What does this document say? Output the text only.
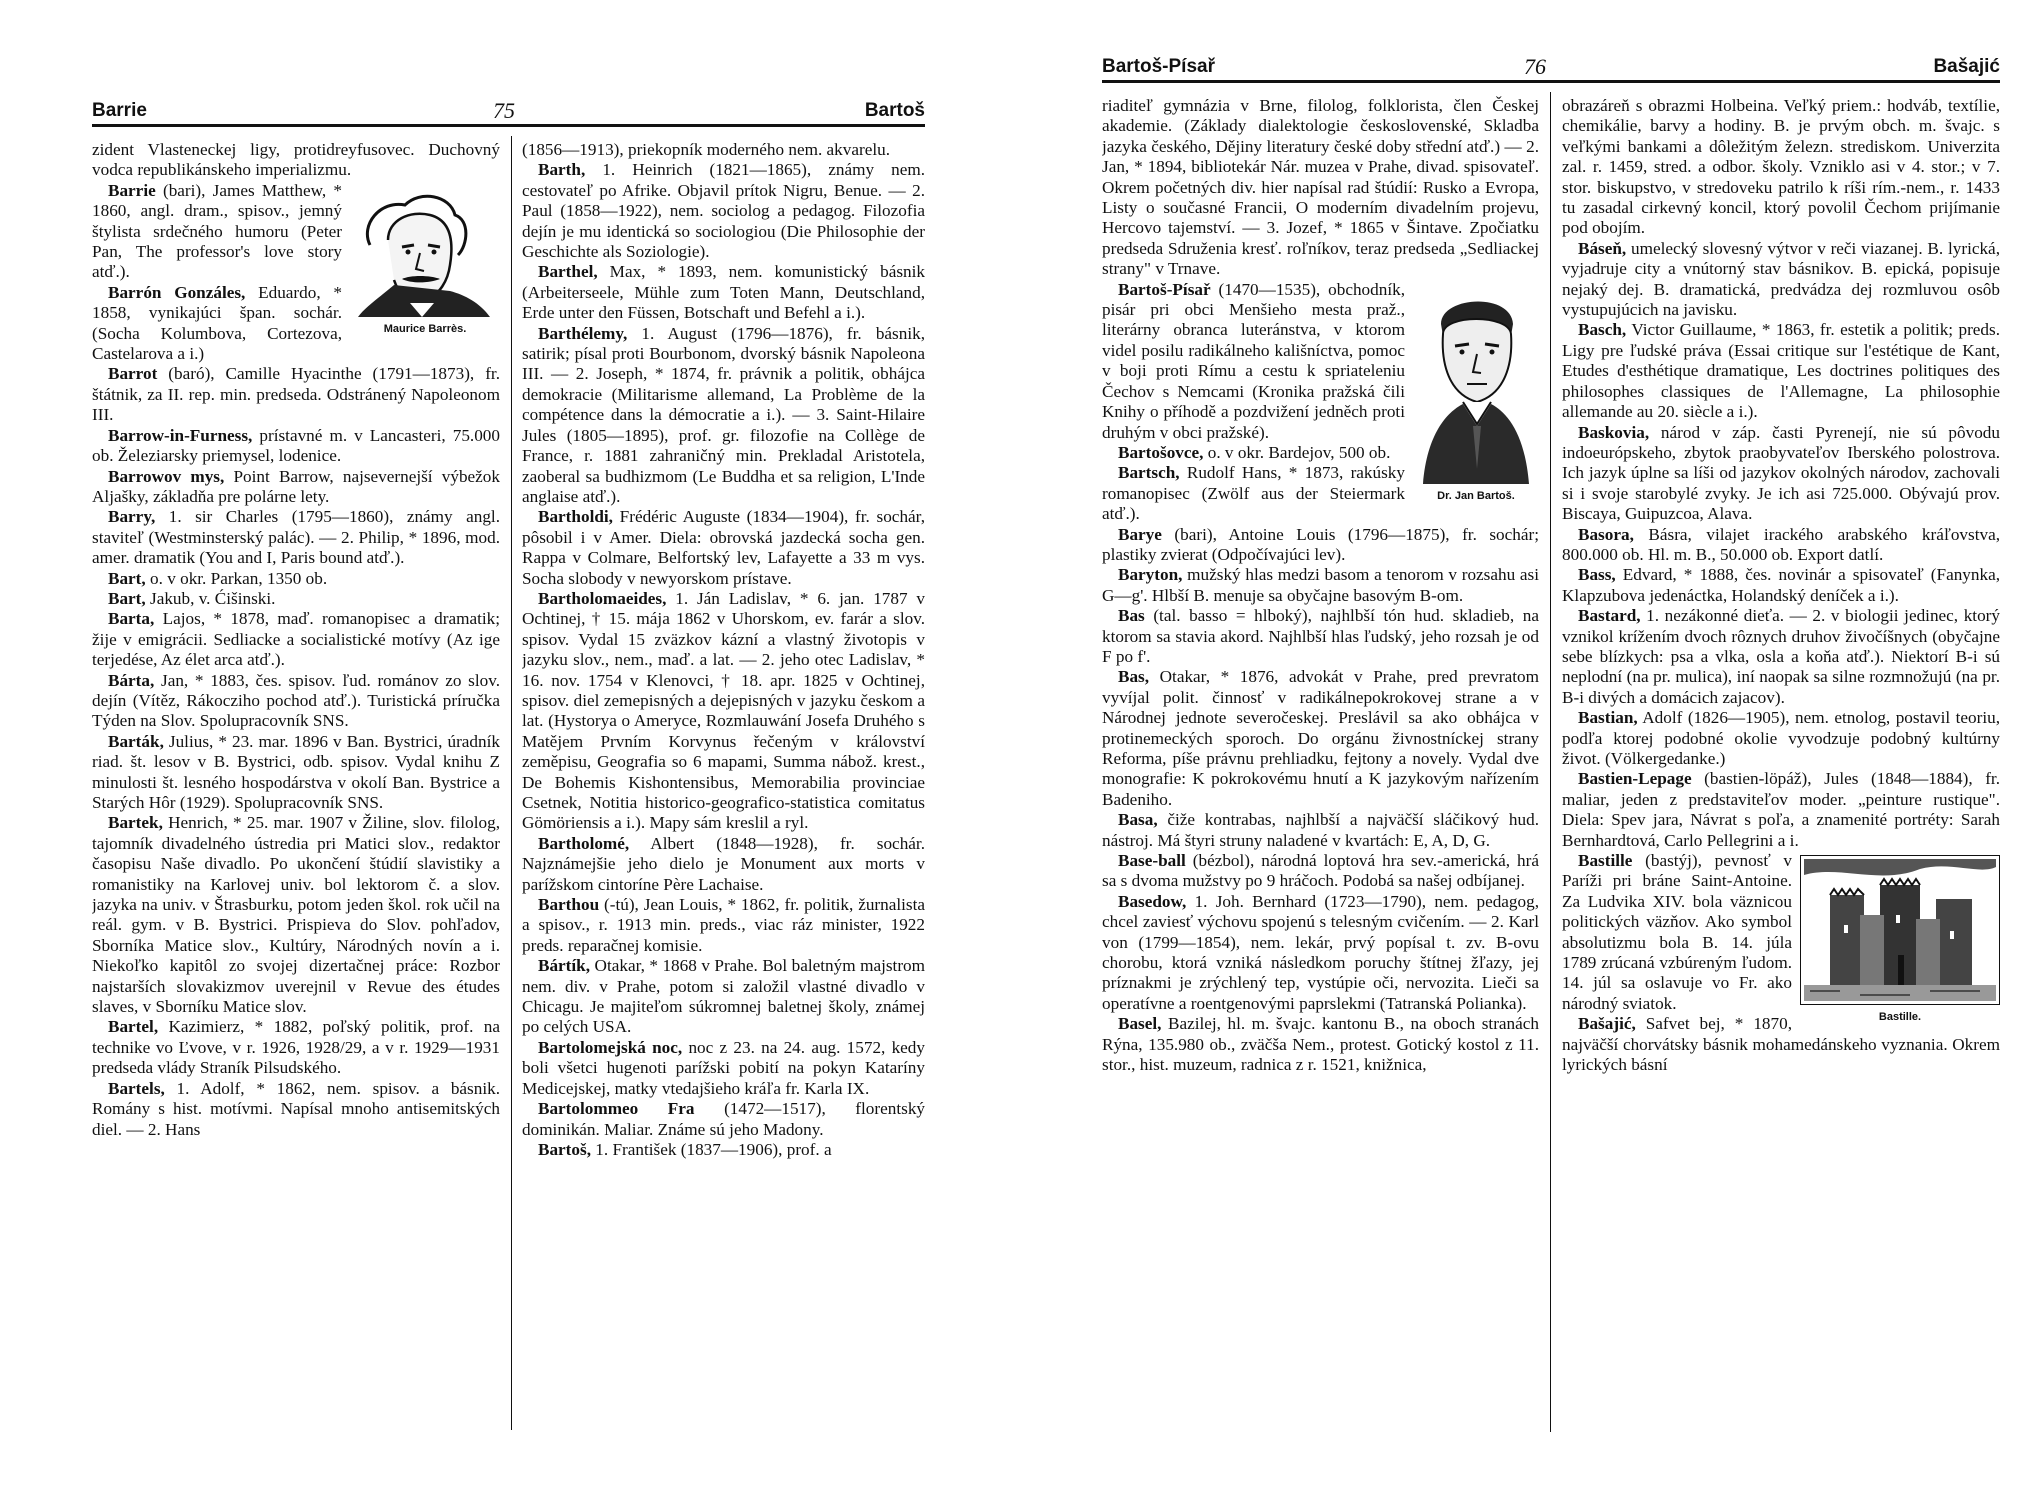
Barrie	75	Bartoš

zident Vlasteneckej ligy, protidreyfusovec. Duchovný vodca republikánskeho imperializmu.

Maurice Barrès.

Barrie (bari), James Matthew, * 1860, angl. dram., spisov., jemný štylista srdečného humoru (Peter Pan, The professor's love story atď.).

Barrón Gonzáles, Eduardo, * 1858, vynikajúci špan. sochár. (Socha Kolumbova, Cortezova, Castelarova a i.)

Barrot (baró), Camille Hyacinthe (1791—1873), fr. štátnik, za II. rep. min. predseda. Odstránený Napoleonom III.

Barrow-in-Furness, prístavné m. v Lancasteri, 75.000 ob. Železiarsky priemysel, lodenice.

Barrowov mys, Point Barrow, najsevernejší výbežok Aljašky, základňa pre polárne lety.

Barry, 1. sir Charles (1795—1860), známy angl. staviteľ (Westminsterský palác). — 2. Philip, * 1896, mod. amer. dramatik (You and I, Paris bound atď.).

Bart, o. v okr. Parkan, 1350 ob.

Bart, Jakub, v. Ćišinski.

Barta, Lajos, * 1878, maď. romanopisec a dramatik; žije v emigrácii. Sedliacke a socialistické motívy (Az ige terjedése, Az élet arca atď.).

Bárta, Jan, * 1883, čes. spisov. ľud. románov zo slov. dejín (Vítěz, Rákocziho pochod atď.). Turistická príručka Týden na Slov. Spolupracovník SNS.

Barták, Julius, * 23. mar. 1896 v Ban. Bystrici, úradník riad. št. lesov v B. Bystrici, odb. spisov. Vydal knihu Z minulosti št. lesného hospodárstva v okolí Ban. Bystrice a Starých Hôr (1929). Spolupracovník SNS.

Bartek, Henrich, * 25. mar. 1907 v Žiline, slov. filolog, tajomník divadelného ústredia pri Matici slov., redaktor časopisu Naše divadlo. Po ukončení štúdií slavistiky a romanistiky na Karlovej univ. bol lektorom č. a slov. jazyka na univ. v Štrasburku, potom jeden škol. rok učil na reál. gym. v B. Bystrici. Prispieva do Slov. pohľadov, Sborníka Matice slov., Kultúry, Národných novín a i. Niekoľko kapitôl zo svojej dizertačnej práce: Rozbor najstarších slovakizmov uverejnil v Revue des études slaves, v Sborníku Matice slov.

Bartel, Kazimierz, * 1882, poľský politik, prof. na technike vo Ľvove, v r. 1926, 1928/29, a v r. 1929—1931 predseda vlády Straník Pilsudského.

Bartels, 1. Adolf, * 1862, nem. spisov. a básnik. Romány s hist. motívmi. Napísal mnoho antisemitských diel. — 2. Hans

(1856—1913), priekopník moderného nem. akvarelu.

Barth, 1. Heinrich (1821—1865), známy nem. cestovateľ po Afrike. Objavil prítok Nigru, Benue. — 2. Paul (1858—1922), nem. sociolog a pedagog. Filozofia dejín je mu identická so sociologiou (Die Philosophie der Geschichte als Soziologie).

Barthel, Max, * 1893, nem. komunistický básnik (Arbeiterseele, Mühle zum Toten Mann, Deutschland, Erde unter den Füssen, Botschaft und Befehl a i.).

Barthélemy, 1. August (1796—1876), fr. básnik, satirik; písal proti Bourbonom, dvorský básnik Napoleona III. — 2. Joseph, * 1874, fr. právnik a politik, obhájca demokracie (Militarisme allemand, La Problème de la compétence dans la démocratie a i.). — 3. Saint-Hilaire Jules (1805—1895), prof. gr. filozofie na Collège de France, r. 1881 zahraničný min. Prekladal Aristotela, zaoberal sa budhizmom (Le Buddha et sa religion, L'Inde anglaise atď.).

Bartholdi, Frédéric Auguste (1834—1904), fr. sochár, pôsobil i v Amer. Diela: obrovská jazdecká socha gen. Rappa v Colmare, Belfortský lev, Lafayette a 33 m vys. Socha slobody v newyorskom prístave.

Bartholomaeides, 1. Ján Ladislav, * 6. jan. 1787 v Ochtinej, † 15. mája 1862 v Uhorskom, ev. farár a slov. spisov. Vydal 15 zväzkov kázní a vlastný životopis v jazyku slov., nem., maď. a lat. — 2. jeho otec Ladislav, * 16. nov. 1754 v Klenovci, † 18. apr. 1825 v Ochtinej, spisov. diel zemepisných a dejepisných v jazyku českom a lat. (Hystorya o Ameryce, Rozmlauwání Josefa Druhého s Matějem Prvním Korvynus řečeným v království zeměpisu, Geografia so 6 mapami, Summa nábož. krest., De Bohemis Kishontensibus, Memorabilia provinciae Csetnek, Notitia historico-geografico-statistica comitatus Gömöriensis a i.). Mapy sám kreslil a ryl.

Bartholomé, Albert (1848—1928), fr. sochár. Najznámejšie jeho dielo je Monument aux morts v parížskom cintoríne Père Lachaise.

Barthou (-tú), Jean Louis, * 1862, fr. politik, žurnalista a spisov., r. 1913 min. preds., viac ráz minister, 1922 preds. reparačnej komisie.

Bártík, Otakar, * 1868 v Prahe. Bol baletným majstrom nem. div. v Prahe, potom si založil vlastné divadlo v Chicagu. Je majiteľom súkromnej baletnej školy, známej po celých USA.

Bartolomejská noc, noc z 23. na 24. aug. 1572, kedy boli všetci hugenoti parížski pobití na pokyn Kataríny Medicejskej, matky vtedajšieho kráľa fr. Karla IX.

Bartolommeo Fra (1472—1517), florentský dominikán. Maliar. Známe sú jeho Madony.

Bartoš, 1. František (1837—1906), prof. a

Bartoš-Písař	76	Bašajić

riaditeľ gymnázia v Brne, filolog, folklorista, člen Českej akademie. (Základy dialektologie československé, Skladba jazyka českého, Dějiny literatury české doby střední atď.) — 2. Jan, * 1894, bibliotekár Nár. muzea v Prahe, divad. spisovateľ. Okrem početných div. hier napísal rad štúdií: Rusko a Evropa, Listy o současné Francii, O moderním divadelním projevu, Hercovo tajemství. — 3. Jozef, * 1865 v Šintave. Zpočiatku predseda Sdruženia kresť. roľníkov, teraz predseda „Sedliackej strany" v Trnave.

Dr. Jan Bartoš.

Bartoš-Písař (1470—1535), obchodník, pisár pri obci Menšieho mesta praž., literárny obranca luteránstva, v ktorom videl posilu radikálneho kališníctva, pomoc v boji proti Rímu a cestu k spriateleniu Čechov s Nemcami (Kronika pražská čili Knihy o příhodě a pozdvižení jedněch proti druhým v obci pražské).

Bartošovce, o. v okr. Bardejov, 500 ob.

Bartsch, Rudolf Hans, * 1873, rakúsky romanopisec (Zwölf aus der Steiermark atď.).

Barye (bari), Antoine Louis (1796—1875), fr. sochár; plastiky zvierat (Odpočívajúci lev).

Baryton, mužský hlas medzi basom a tenorom v rozsahu asi G—g'. Hlbší B. menuje sa obyčajne basovým B-om.

Bas (tal. basso = hlboký), najhlbší tón hud. skladieb, na ktorom sa stavia akord. Najhlbší hlas ľudský, jeho rozsah je od F po f'.

Bas, Otakar, * 1876, advokát v Prahe, pred prevratom vyvíjal polit. činnosť v radikálnepokrokovej strane a v Národnej jednote severočeskej. Preslávil sa ako obhájca v protinemeckých sporoch. Do orgánu živnostníckej strany Reforma, píše právnu prehliadku, fejtony a novely. Vydal dve monografie: K pokrokovému hnutí a K jazykovým nařízením Badeniho.

Basa, čiže kontrabas, najhlbší a najväčší sláčikový hud. nástroj. Má štyri struny naladené v kvartách: E, A, D, G.

Base-ball (bézbol), národná loptová hra sev.-americká, hrá sa s dvoma mužstvy po 9 hráčoch. Podobá sa našej odbíjanej.

Basedow, 1. Joh. Bernhard (1723—1790), nem. pedagog, chcel zaviesť výchovu spojenú s telesným cvičením. — 2. Karl von (1799—1854), nem. lekár, prvý popísal t. zv. B-ovu chorobu, ktorá vzniká následkom poruchy štítnej žľazy, jej príznakmi je zrýchlený tep, vystúpie oči, nervozita. Lieči sa operatívne a roentgenovými paprslekmi (Tatranská Polianka).

Basel, Bazilej, hl. m. švajc. kantonu B., na oboch stranách Rýna, 135.980 ob., zväčša Nem., protest. Gotický kostol z 11. stor., hist. muzeum, radnica z r. 1521, knižnica,

obrazáreň s obrazmi Holbeina. Veľký priem.: hodváb, textílie, chemikálie, barvy a hodiny. B. je prvým obch. m. švajc. s veľkými bankami a dôležitým železn. strediskom. Univerzita zal. r. 1459, stred. a odbor. školy. Vzniklo asi v 4. stor.; v 7. stor. biskupstvo, v stredoveku patrilo k ríši rím.-nem., r. 1433 tu zasadal cirkevný koncil, ktorý povolil Čechom prijímanie pod obojím.

Báseň, umelecký slovesný výtvor v reči viazanej. B. lyrická, vyjadruje city a vnútorný stav básnikov. B. epická, popisuje nejaký dej. B. dramatická, predvádza dej rozmluvou osôb vystupujúcich na javisku.

Basch, Victor Guillaume, * 1863, fr. estetik a politik; preds. Ligy pre ľudské práva (Essai critique sur l'estétique de Kant, Etudes d'esthétique dramatique, Les doctrines politiques des philosophes classiques de l'Allemagne, La philosophie allemande au 20. siècle a i.).

Baskovia, národ v záp. časti Pyrenejí, nie sú pôvodu indoeurópskeho, zbytok praobyvateľov Iberského polostrova. Ich jazyk úplne sa líši od jazykov okolných národov, zachovali si i svoje starobylé zvyky. Je ich asi 725.000. Obývajú prov. Biscaya, Guipuzcoa, Alava.

Basora, Básra, vilajet irackého arabského kráľovstva, 800.000 ob. Hl. m. B., 50.000 ob. Export datlí.

Bass, Edvard, * 1888, čes. novinár a spisovateľ (Fanynka, Klapzubova jedenáctka, Holandský deníček a i.).

Bastard, 1. nezákonné dieťa. — 2. v biologii jedinec, ktorý vznikol krížením dvoch rôznych druhov živočíšnych (obyčajne sebe blízkych: psa a vlka, osla a koňa atď.). Niektorí B-i sú neplodní (na pr. mulica), iní naopak sa silne rozmnožujú (na pr. B-i divých a domácich zajacov).

Bastian, Adolf (1826—1905), nem. etnolog, postavil teoriu, podľa ktorej podobné okolie vyvodzuje podobný kultúrny život. (Völkergedanke.)

Bastien-Lepage (bastien-löpáž), Jules (1848—1884), fr. maliar, jeden z predstaviteľov moder. „peinture rustique". Diela: Spev jara, Návrat s poľa, a znamenité portréty: Sarah Bernhardtová, Carlo Pellegrini a i.

Bastille.

Bastille (bastýj), pevnosť v Paríži pri bráne Saint-Antoine. Za Ludvika XIV. bola väznicou politických väzňov. Ako symbol absolutizmu bola B. 14. júla 1789 zrúcaná vzbúreným ľudom. 14. júl sa oslavuje vo Fr. ako národný sviatok.

Bašajić, Safvet bej, * 1870, najväčší chorvátsky básnik mohamedánskeho vyznania. Okrem lyrických básní
